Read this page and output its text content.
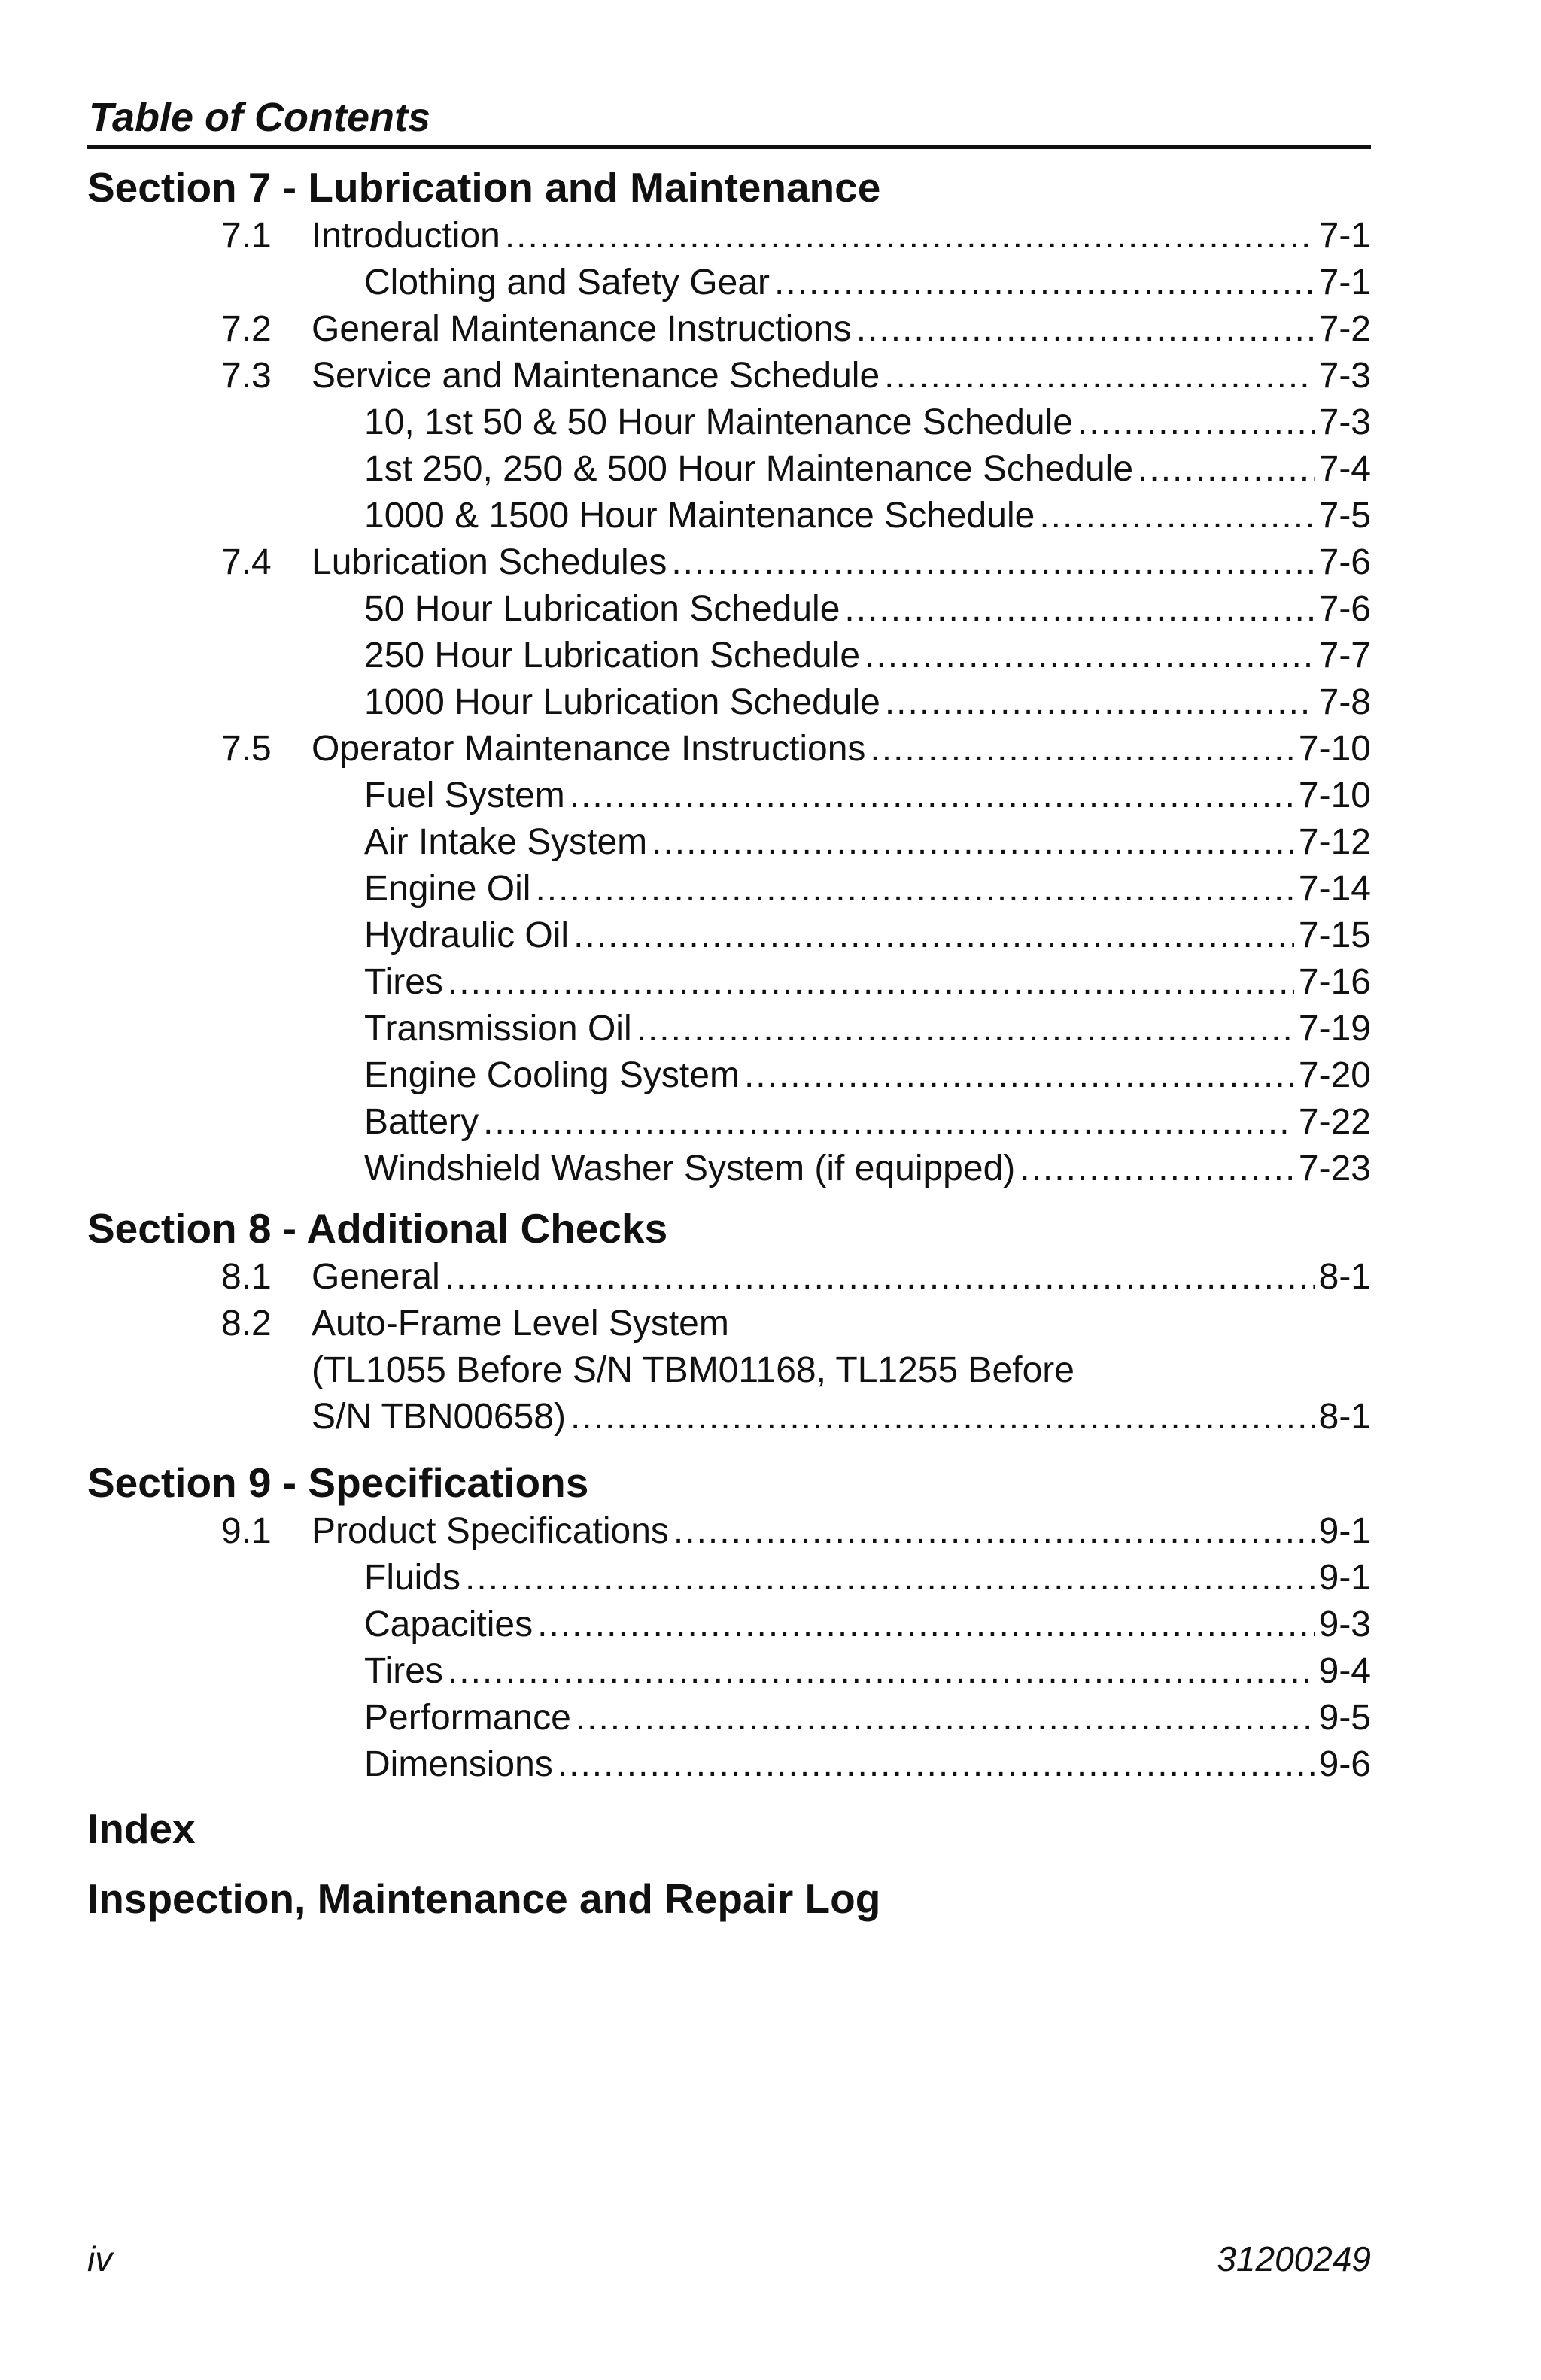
Table of Contents
Section 7 - Lubrication and Maintenance
7.1	Introduction .....	7-1
Clothing and Safety Gear .....	7-1
7.2	General Maintenance Instructions .....	7-2
7.3	Service and Maintenance Schedule .....	7-3
10, 1st 50 & 50 Hour Maintenance Schedule .....	7-3
1st 250, 250 & 500 Hour Maintenance Schedule .....	7-4
1000 & 1500 Hour Maintenance Schedule .....	7-5
7.4	Lubrication Schedules .....	7-6
50 Hour Lubrication Schedule .....	7-6
250 Hour Lubrication Schedule .....	7-7
1000 Hour Lubrication Schedule .....	7-8
7.5	Operator Maintenance Instructions .....	7-10
Fuel System .....	7-10
Air Intake System .....	7-12
Engine Oil .....	7-14
Hydraulic Oil .....	7-15
Tires .....	7-16
Transmission Oil .....	7-19
Engine Cooling System .....	7-20
Battery .....	7-22
Windshield Washer System (if equipped) .....	7-23
Section 8 - Additional Checks
8.1	General .....	8-1
8.2 Auto-Frame Level System
(TL1055 Before S/N TBM01168, TL1255 Before
S/N TBN00658) .....	8-1
Section 9 - Specifications
9.1	Product Specifications .....	9-1
Fluids .....	9-1
Capacities .....	9-3
Tires .....	9-4
Performance .....	9-5
Dimensions .....	9-6
Index
Inspection, Maintenance and Repair Log
iv	31200249
